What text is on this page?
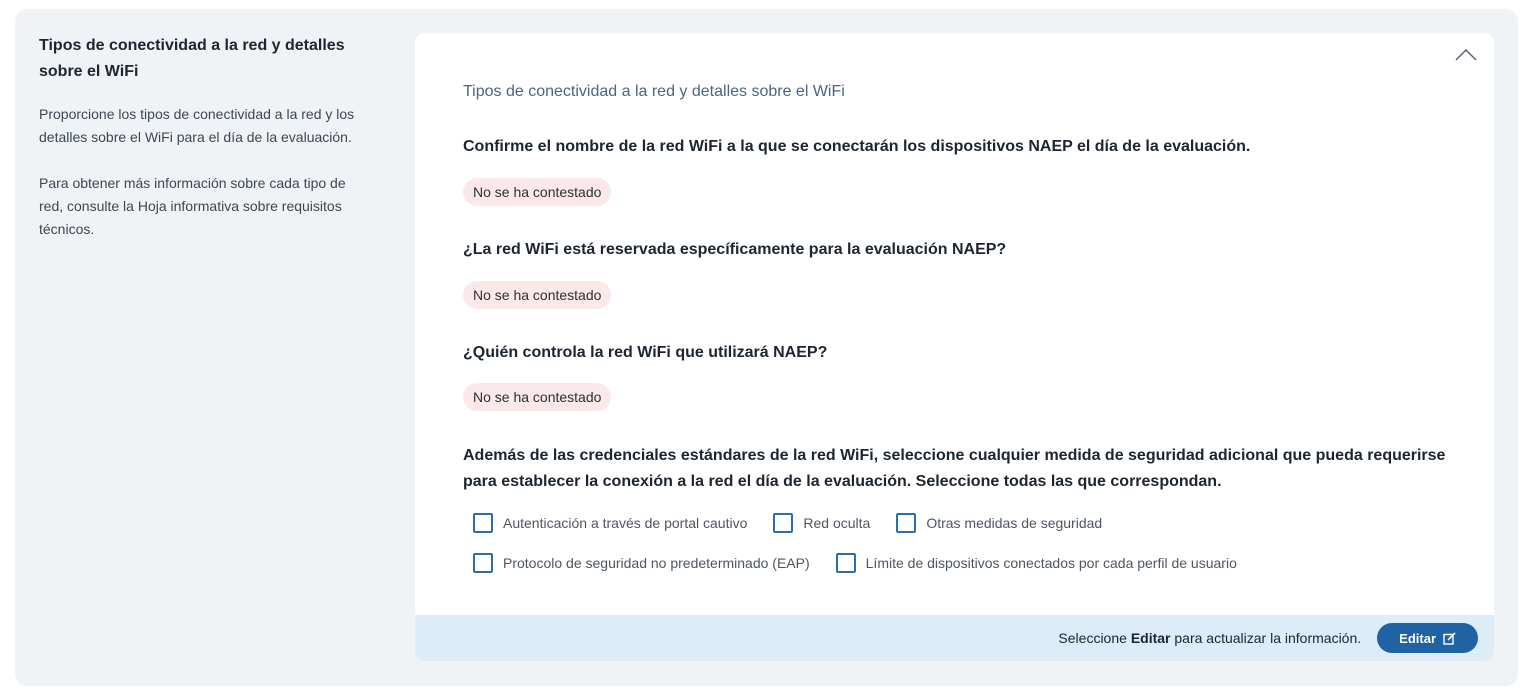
Tipos de conectividad a la red y detalles sobre el WiFi

Proporcione los tipos de conectividad a la red y los detalles sobre el WiFi para el día de la evaluación.

Para obtener más información sobre cada tipo de red, consulte la Hoja informativa sobre requisitos técnicos.

Tipos de conectividad a la red y detalles sobre el WiFi
Confirme el nombre de la red WiFi a la que se conectarán los dispositivos NAEP el día de la evaluación.
No se ha contestado
¿La red WiFi está reservada específicamente para la evaluación NAEP?
No se ha contestado
¿Quién controla la red WiFi que utilizará NAEP?
No se ha contestado
Además de las credenciales estándares de la red WiFi, seleccione cualquier medida de seguridad adicional que pueda requerirse para establecer la conexión a la red el día de la evaluación. Seleccione todas las que correspondan.
Autenticación a través de portal cautivo	Red oculta	Otras medidas de seguridad
Protocolo de seguridad no predeterminado (EAP)	Límite de dispositivos conectados por cada perfil de usuario
Seleccione Editar para actualizar la información.	Editar
